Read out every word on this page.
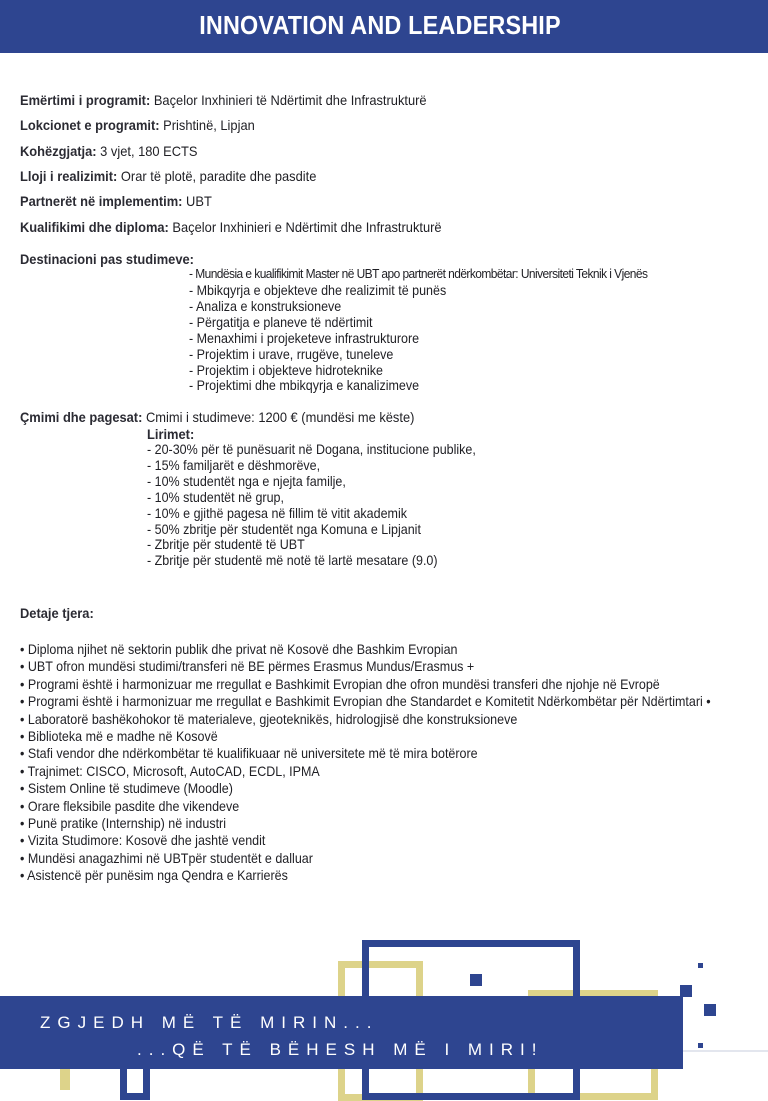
INNOVATION AND LEADERSHIP
Emërtimi i programit: Baçelor Inxhinieri të Ndërtimit dhe Infrastrukturë
Lokcionet e programit: Prishtinë, Lipjan
Kohëzgjatja: 3 vjet, 180 ECTS
Lloji i realizimit: Orar të plotë, paradite dhe pasdite
Partnerët në implementim: UBT
Kualifikimi dhe diploma: Baçelor Inxhinieri e Ndërtimit dhe Infrastrukturë
Destinacioni pas studimeve:
- Mundësia e kualifikimit Master në UBT apo partnerët ndërkombëtar: Universiteti Teknik i Vjenës
- Mbikqyrja e objekteve dhe realizimit të punës
- Analiza e konstruksioneve
- Përgatitja e planeve të ndërtimit
- Menaxhimi i projeketeve infrastrukturore
- Projektim i urave, rrugëve, tuneleve
- Projektim i objekteve hidroteknike
- Projektimi dhe mbikqyrja e kanalizimeve
Çmimi dhe pagesat: Cmimi i studimeve: 1200 € (mundësi me këste)
Lirimet:
- 20-30% për të punësuarit në Dogana, institucione publike,
- 15% familjarët e dëshmorëve,
- 10% studentët nga e njejta familje,
- 10% studentët në grup,
- 10% e gjithë pagesa në fillim të vitit akademik
- 50% zbritje për studentët nga Komuna e Lipjanit
- Zbritje për studentë të UBT
- Zbritje për studentë më notë të lartë mesatare (9.0)
Detaje tjera:
• Diploma njihet në sektorin publik dhe privat në Kosovë dhe Bashkim Evropian
• UBT ofron mundësi studimi/transferi në BE përmes Erasmus Mundus/Erasmus +
• Programi është i harmonizuar me rregullat e Bashkimit Evropian dhe ofron mundësi transferi dhe njohje në Evropë
• Programi është i harmonizuar me rregullat e Bashkimit Evropian dhe Standardet e Komitetit Ndërkombëtar për Ndërtimtari •
• Laboratorë bashëkohokor të materialeve, gjeoteknikës, hidrologjisë dhe konstruksioneve
• Biblioteka më e madhe në Kosovë
• Stafi vendor dhe ndërkombëtar të kualifikuaar në universitete më të mira botërore
• Trajnimet: CISCO, Microsoft, AutoCAD, ECDL, IPMA
• Sistem Online të studimeve (Moodle)
• Orare fleksibile pasdite dhe vikendeve
• Punë pratike (Internship) në industri
• Vizita Studimore: Kosovë dhe jashtë vendit
• Mundësi anagazhimi në UBTpër studentët e dalluar
• Asistencë për punësim nga Qendra e Karrierës
ZGJEDH MË TË MIRIN...
...QË TË BËHESH MË I MIRI!
